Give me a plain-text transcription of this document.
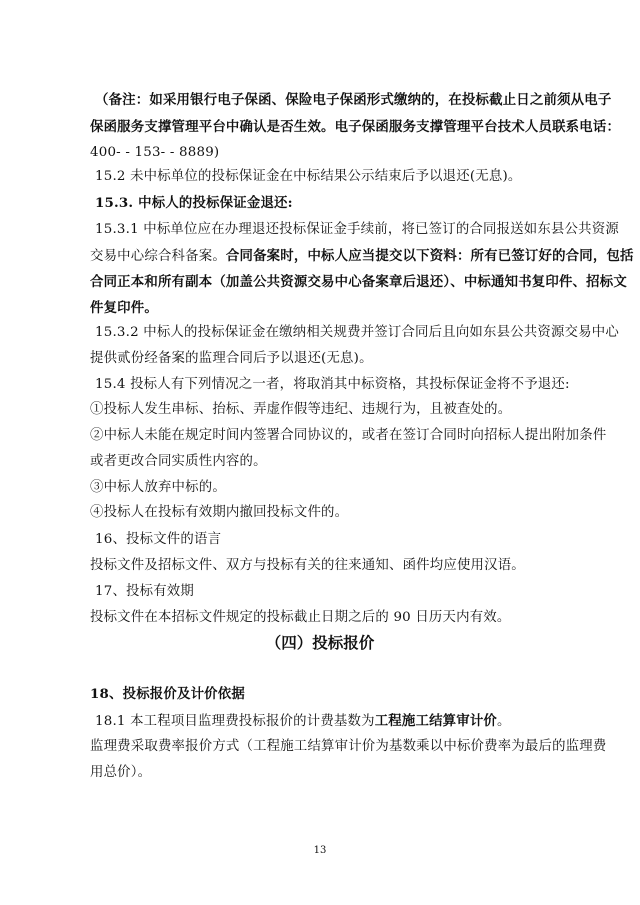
（备注：如采用银行电子保函、保险电子保函形式缴纳的，在投标截止日之前须从电子
保函服务支撑管理平台中确认是否生效。电子保函服务支撑管理平台技术人员联系电话：
400- - 153- - 8889)
15.2 未中标单位的投标保证金在中标结果公示结束后予以退还(无息)。
15.3. 中标人的投标保证金退还:
15.3.1 中标单位应在办理退还投标保证金手续前，将已签订的合同报送如东县公共资源
交易中心综合科备案。合同备案时，中标人应当提交以下资料：所有已签订好的合同，包括
合同正本和所有副本（加盖公共资源交易中心备案章后退还）、中标通知书复印件、招标文
件复印件。
15.3.2 中标人的投标保证金在缴纳相关规费并签订合同后且向如东县公共资源交易中心
提供贰份经备案的监理合同后予以退还(无息)。
15.4 投标人有下列情况之一者，将取消其中标资格，其投标保证金将不予退还:
①投标人发生串标、抬标、弄虚作假等违纪、违规行为，且被查处的。
②中标人未能在规定时间内签署合同协议的，或者在签订合同时向招标人提出附加条件
或者更改合同实质性内容的。
③中标人放弃中标的。
④投标人在投标有效期内撤回投标文件的。
16、投标文件的语言
投标文件及招标文件、双方与投标有关的往来通知、函件均应使用汉语。
17、投标有效期
投标文件在本招标文件规定的投标截止日期之后的 90 日历天内有效。
18、投标报价及计价依据
18.1 本工程项目监理费投标报价的计费基数为工程施工结算审计价。
监理费采取费率报价方式（工程施工结算审计价为基数乘以中标价费率为最后的监理费
用总价）。
（四）投标报价
13
